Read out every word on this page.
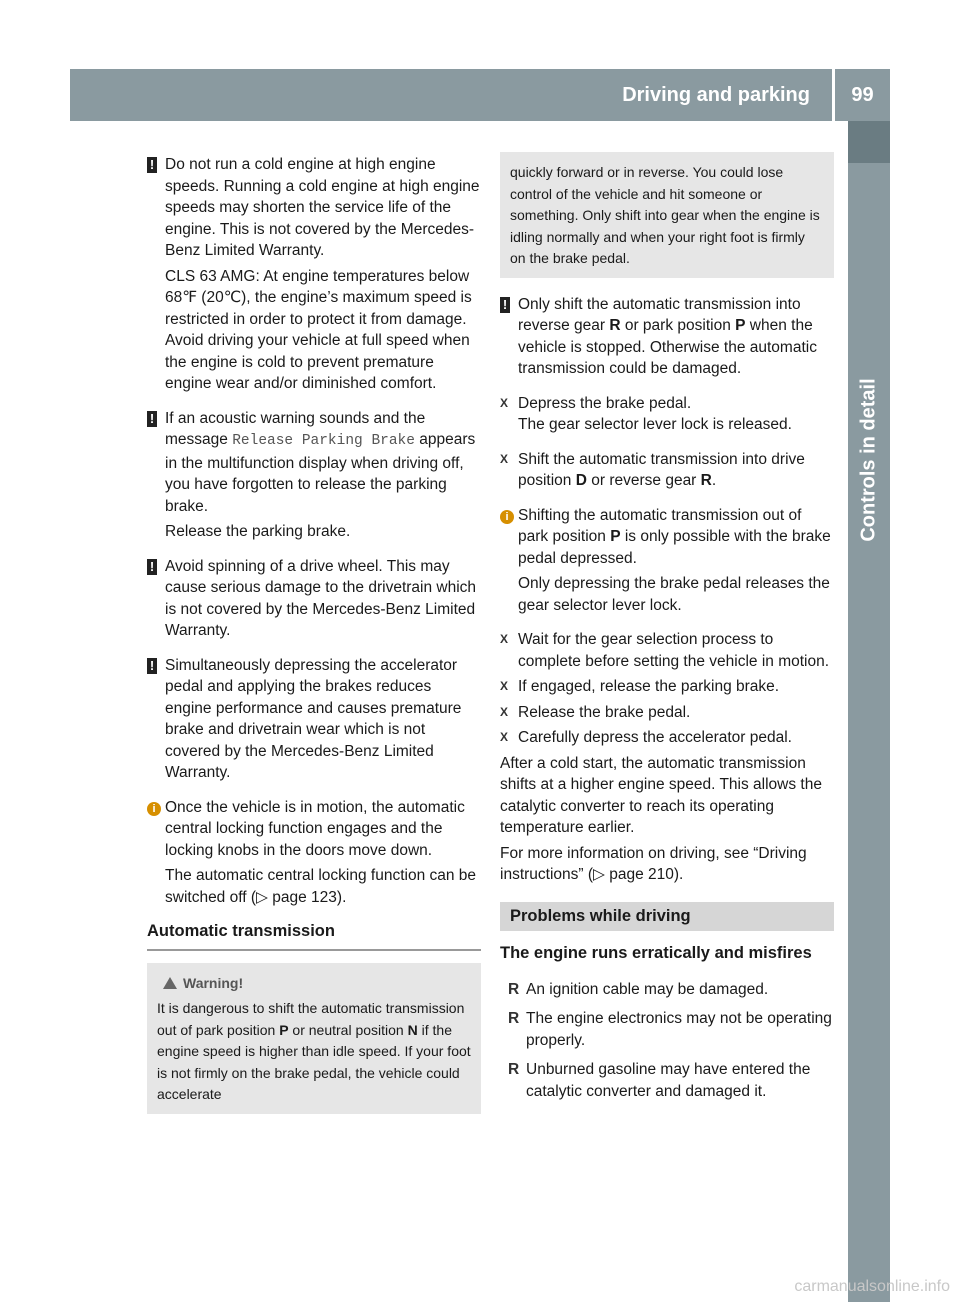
Driving and parking	99
Controls in detail
! Do not run a cold engine at high engine speeds. Running a cold engine at high engine speeds may shorten the service life of the engine. This is not covered by the Mercedes-Benz Limited Warranty.
CLS 63 AMG: At engine temperatures below 68℉ (20℃), the engine’s maximum speed is restricted in order to protect it from damage. Avoid driving your vehicle at full speed when the engine is cold to prevent premature engine wear and/or diminished comfort.
! If an acoustic warning sounds and the message Release Parking Brake appears in the multifunction display when driving off, you have forgotten to release the parking brake.
Release the parking brake.
! Avoid spinning of a drive wheel. This may cause serious damage to the drivetrain which is not covered by the Mercedes-Benz Limited Warranty.
! Simultaneously depressing the accelerator pedal and applying the brakes reduces engine performance and causes premature brake and drivetrain wear which is not covered by the Mercedes-Benz Limited Warranty.
i Once the vehicle is in motion, the automatic central locking function engages and the locking knobs in the doors move down.
The automatic central locking function can be switched off (▷ page 123).
Automatic transmission
Warning!
It is dangerous to shift the automatic transmission out of park position P or neutral position N if the engine speed is higher than idle speed. If your foot is not firmly on the brake pedal, the vehicle could accelerate
quickly forward or in reverse. You could lose control of the vehicle and hit someone or something. Only shift into gear when the engine is idling normally and when your right foot is firmly on the brake pedal.
! Only shift the automatic transmission into reverse gear R or park position P when the vehicle is stopped. Otherwise the automatic transmission could be damaged.
X Depress the brake pedal.
The gear selector lever lock is released.
X Shift the automatic transmission into drive position D or reverse gear R.
i Shifting the automatic transmission out of park position P is only possible with the brake pedal depressed.
Only depressing the brake pedal releases the gear selector lever lock.
X Wait for the gear selection process to complete before setting the vehicle in motion.
X If engaged, release the parking brake.
X Release the brake pedal.
X Carefully depress the accelerator pedal.
After a cold start, the automatic transmission shifts at a higher engine speed. This allows the catalytic converter to reach its operating temperature earlier.
For more information on driving, see “Driving instructions” (▷ page 210).
Problems while driving
The engine runs erratically and misfires
R An ignition cable may be damaged.
R The engine electronics may not be operating properly.
R Unburned gasoline may have entered the catalytic converter and damaged it.
carmanualsonline.info
